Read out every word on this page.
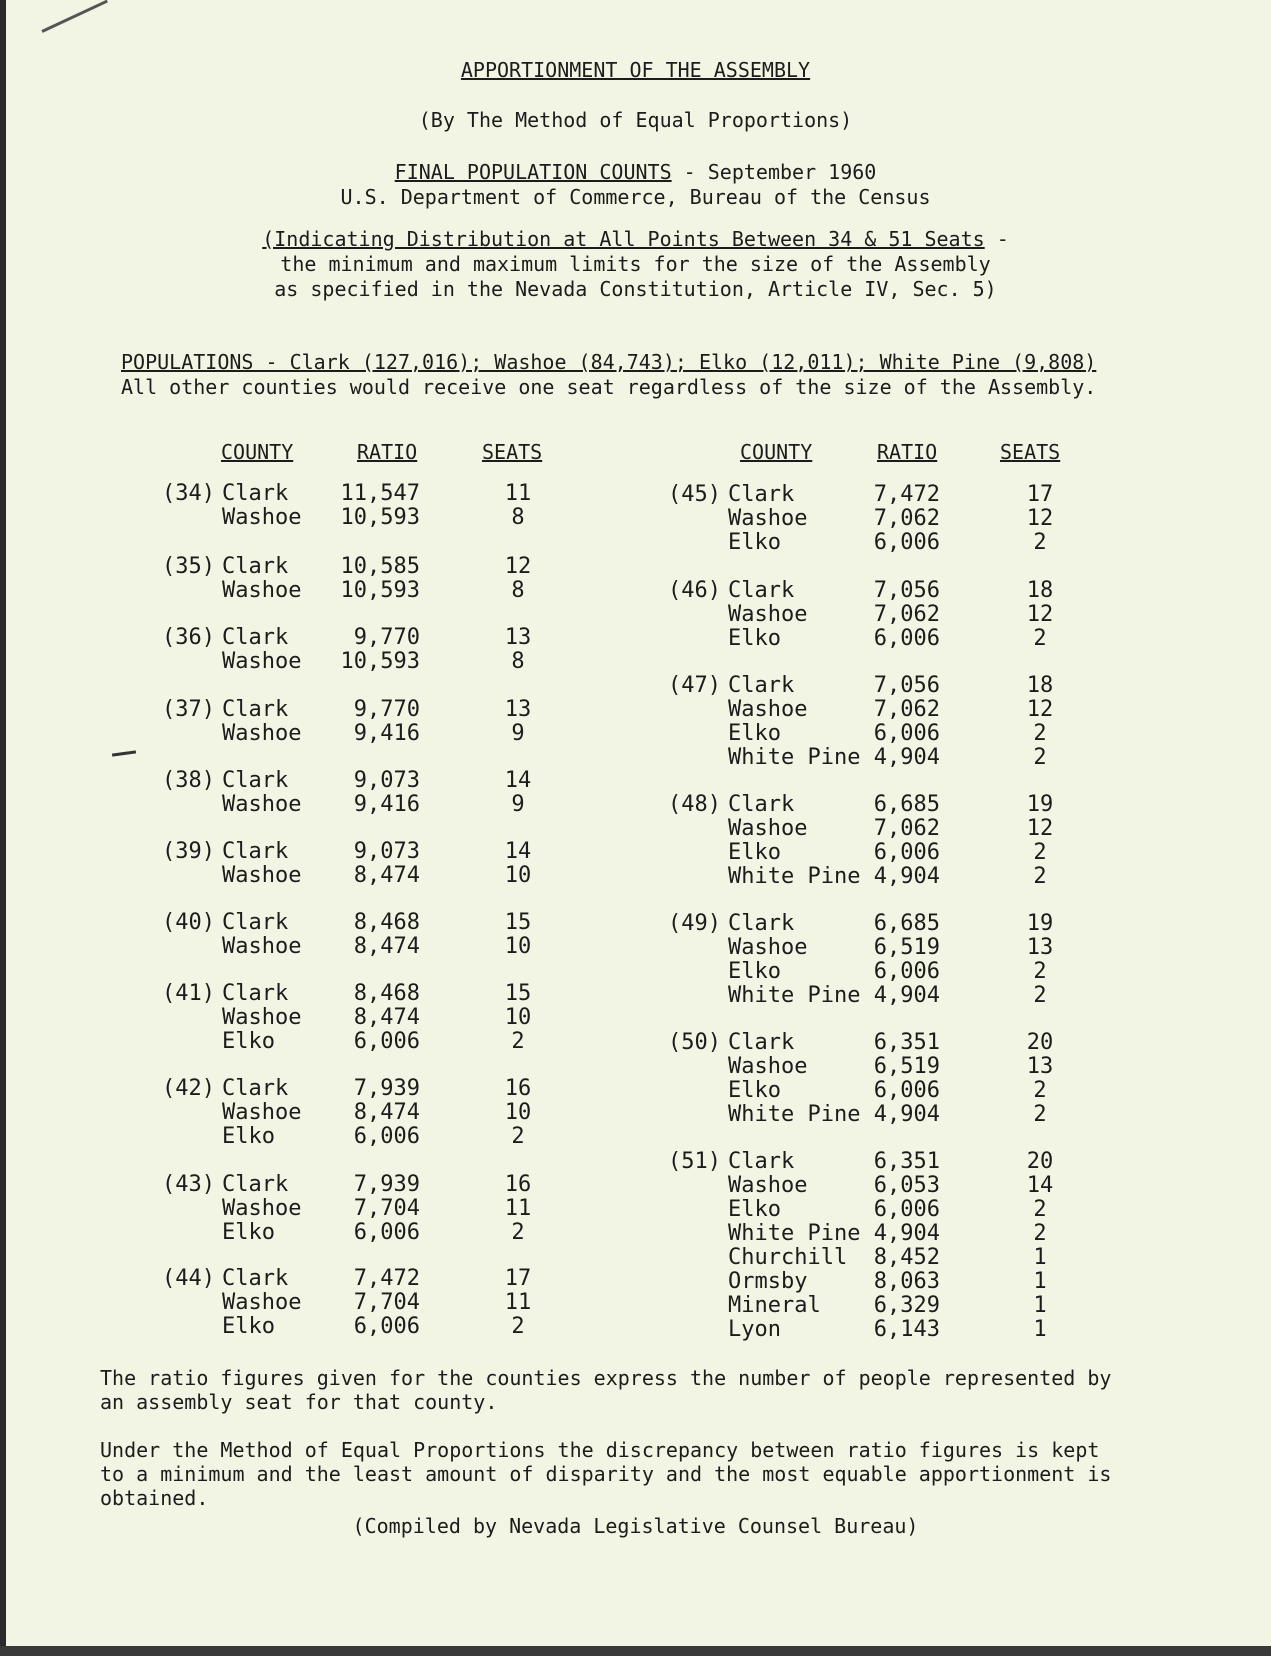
APPORTIONMENT OF THE ASSEMBLY
(By The Method of Equal Proportions)
FINAL POPULATION COUNTS - September 1960
U.S. Department of Commerce, Bureau of the Census
(Indicating Distribution at All Points Between 34 & 51 Seats -
the minimum and maximum limits for the size of the Assembly
as specified in the Nevada Constitution, Article IV, Sec. 5)
POPULATIONS - Clark (127,016); Washoe (84,743); Elko (12,011); White Pine (9,808)
All other counties would receive one seat regardless of the size of the Assembly.
COUNTY	RATIO	SEATS	COUNTY	RATIO	SEATS
(34) Clark	11,547	11
Washoe	10,593	8
(35) Clark	10,585	12
Washoe	10,593	8
(36) Clark	9,770	13
Washoe	10,593	8
(37) Clark	9,770	13
Washoe	9,416	9
(38) Clark	9,073	14
Washoe	9,416	9
(39) Clark	9,073	14
Washoe	8,474	10
(40) Clark	8,468	15
Washoe	8,474	10
(41) Clark	8,468	15
Washoe	8,474	10
Elko	6,006	2
(42) Clark	7,939	16
Washoe	8,474	10
Elko	6,006	2
(43) Clark	7,939	16
Washoe	7,704	11
Elko	6,006	2
(44) Clark	7,472	17
Washoe	7,704	11
Elko	6,006	2
(45) Clark	7,472	17
Washoe	7,062	12
Elko	6,006	2
(46) Clark	7,056	18
Washoe	7,062	12
Elko	6,006	2
(47) Clark	7,056	18
Washoe	7,062	12
Elko	6,006	2
White Pine 4,904	2
(48) Clark	6,685	19
Washoe	7,062	12
Elko	6,006	2
White Pine 4,904	2
(49) Clark	6,685	19
Washoe	6,519	13
Elko	6,006	2
White Pine 4,904	2
(50) Clark	6,351	20
Washoe	6,519	13
Elko	6,006	2
White Pine 4,904	2
(51) Clark	6,351	20
Washoe	6,053	14
Elko	6,006	2
White Pine 4,904	2
Churchill	8,452	1
Ormsby	8,063	1
Mineral	6,329	1
Lyon	6,143	1
The ratio figures given for the counties express the number of people represented by
an assembly seat for that county.
Under the Method of Equal Proportions the discrepancy between ratio figures is kept
to a minimum and the least amount of disparity and the most equable apportionment is
obtained.
(Compiled by Nevada Legislative Counsel Bureau)
